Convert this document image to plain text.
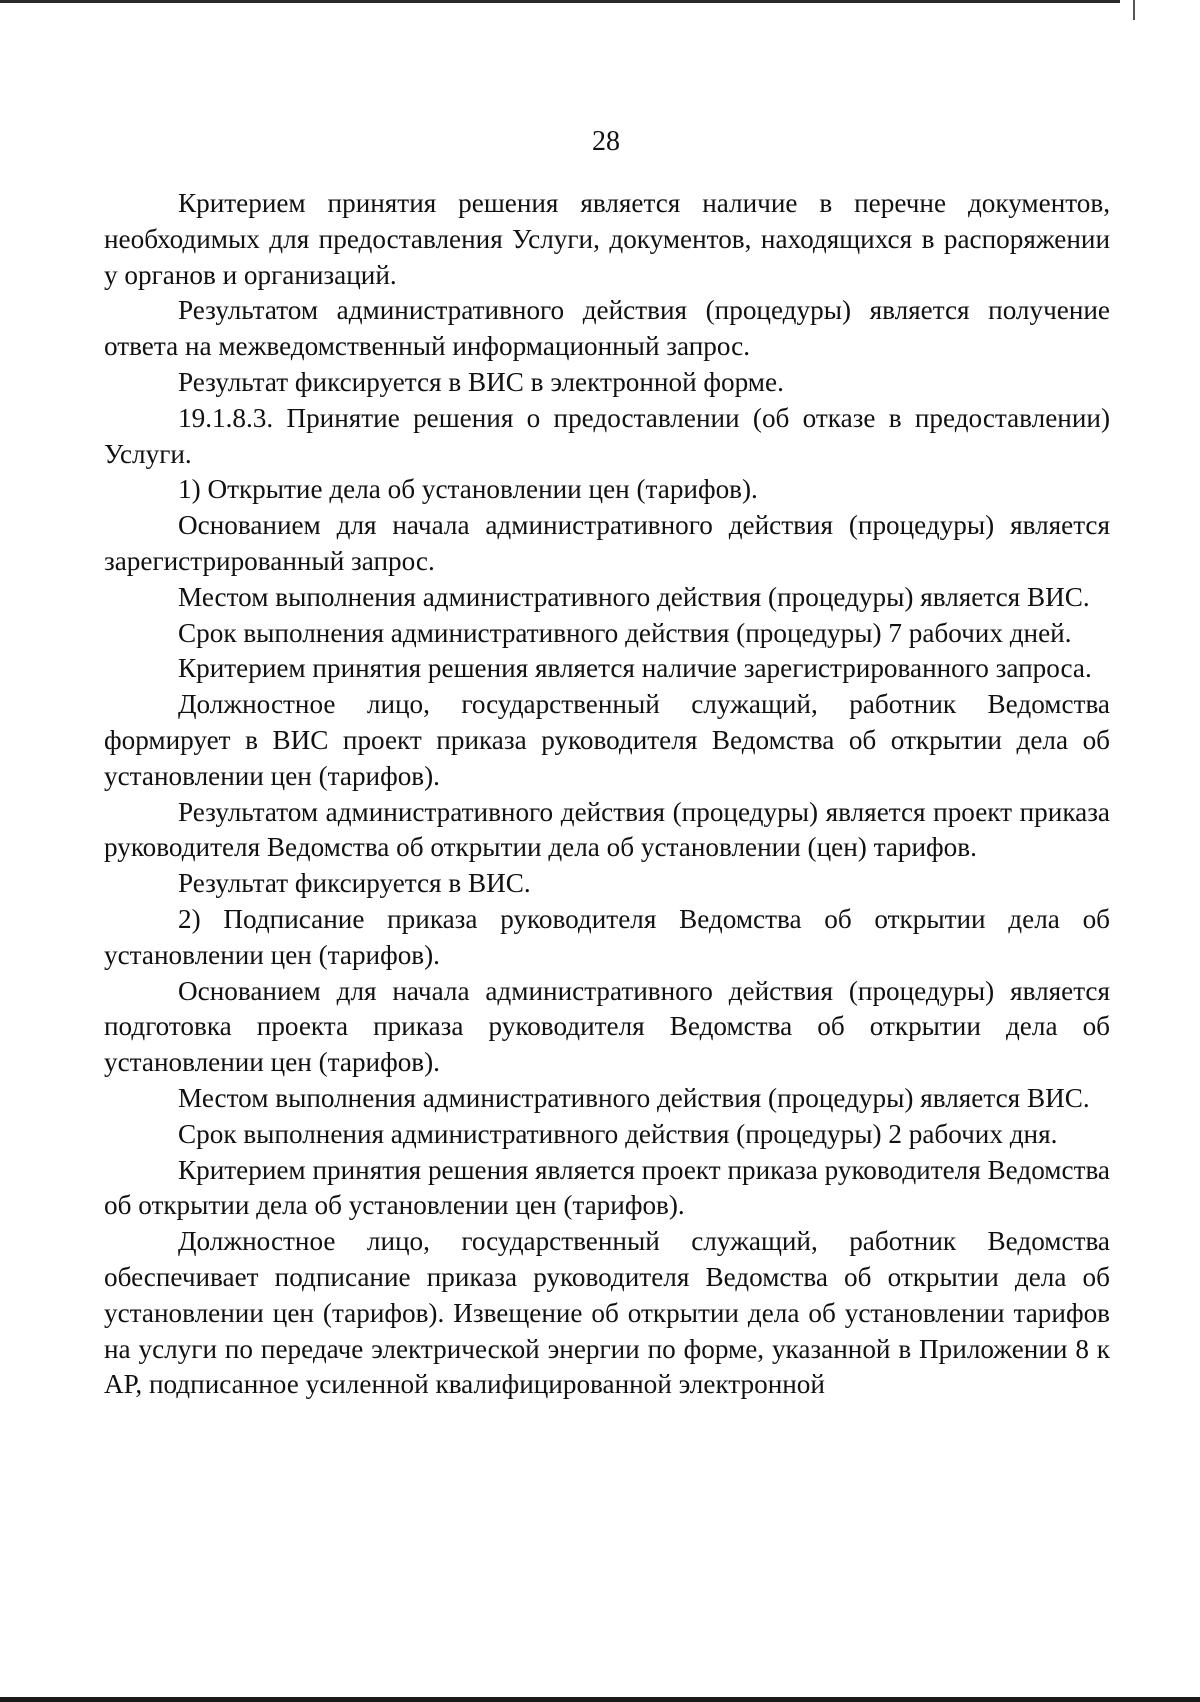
28

Критерием принятия решения является наличие в перечне документов, необходимых для предоставления Услуги, документов, находящихся в распоряжении у органов и организаций.

Результатом административного действия (процедуры) является получение ответа на межведомственный информационный запрос.

Результат фиксируется в ВИС в электронной форме.

19.1.8.3. Принятие решения о предоставлении (об отказе в предоставлении) Услуги.

1) Открытие дела об установлении цен (тарифов).

Основанием для начала административного действия (процедуры) является зарегистрированный запрос.

Местом выполнения административного действия (процедуры) является ВИС.

Срок выполнения административного действия (процедуры) 7 рабочих дней.

Критерием принятия решения является наличие зарегистрированного запроса.

Должностное лицо, государственный служащий, работник Ведомства формирует в ВИС проект приказа руководителя Ведомства об открытии дела об установлении цен (тарифов).

Результатом административного действия (процедуры) является проект приказа руководителя Ведомства об открытии дела об установлении (цен) тарифов.

Результат фиксируется в ВИС.

2) Подписание приказа руководителя Ведомства об открытии дела об установлении цен (тарифов).

Основанием для начала административного действия (процедуры) является подготовка проекта приказа руководителя Ведомства об открытии дела об установлении цен (тарифов).

Местом выполнения административного действия (процедуры) является ВИС.

Срок выполнения административного действия (процедуры) 2 рабочих дня.

Критерием принятия решения является проект приказа руководителя Ведомства об открытии дела об установлении цен (тарифов).

Должностное лицо, государственный служащий, работник Ведомства обеспечивает подписание приказа руководителя Ведомства об открытии дела об установлении цен (тарифов). Извещение об открытии дела об установлении тарифов на услуги по передаче электрической энергии по форме, указанной в Приложении 8 к АР, подписанное усиленной квалифицированной электронной
